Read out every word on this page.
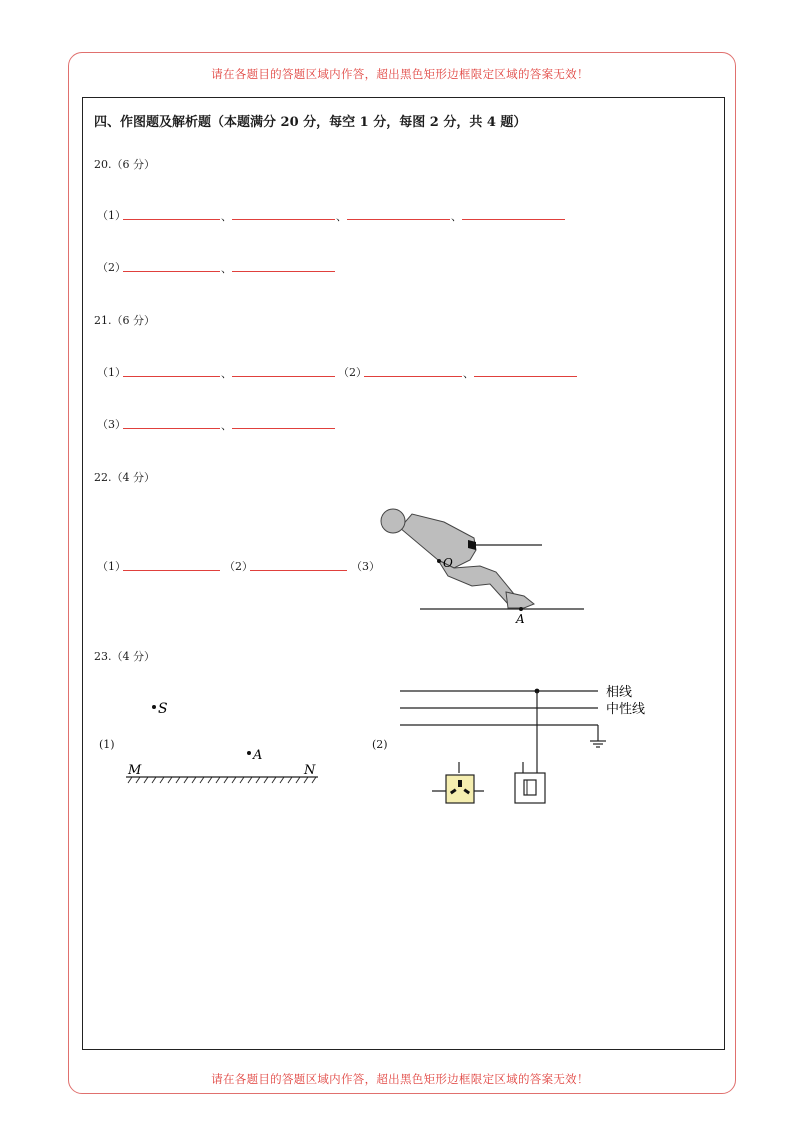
请在各题目的答题区域内作答，超出黑色矩形边框限定区域的答案无效！
请在各题目的答题区域内作答，超出黑色矩形边框限定区域的答案无效！
四、作图题及解析题（本题满分 20 分，每空 1 分，每图 2 分，共 4 题）
20.（6 分）
（1）	、	、	、
（2）	、
21.（6 分）
（1）	、	（2）	、
（3）	、
22.（4 分）
（1）	（2）	（3）	O
A
23.（4 分）
(1)	(2)
S
A
M	N
相线
中性线
